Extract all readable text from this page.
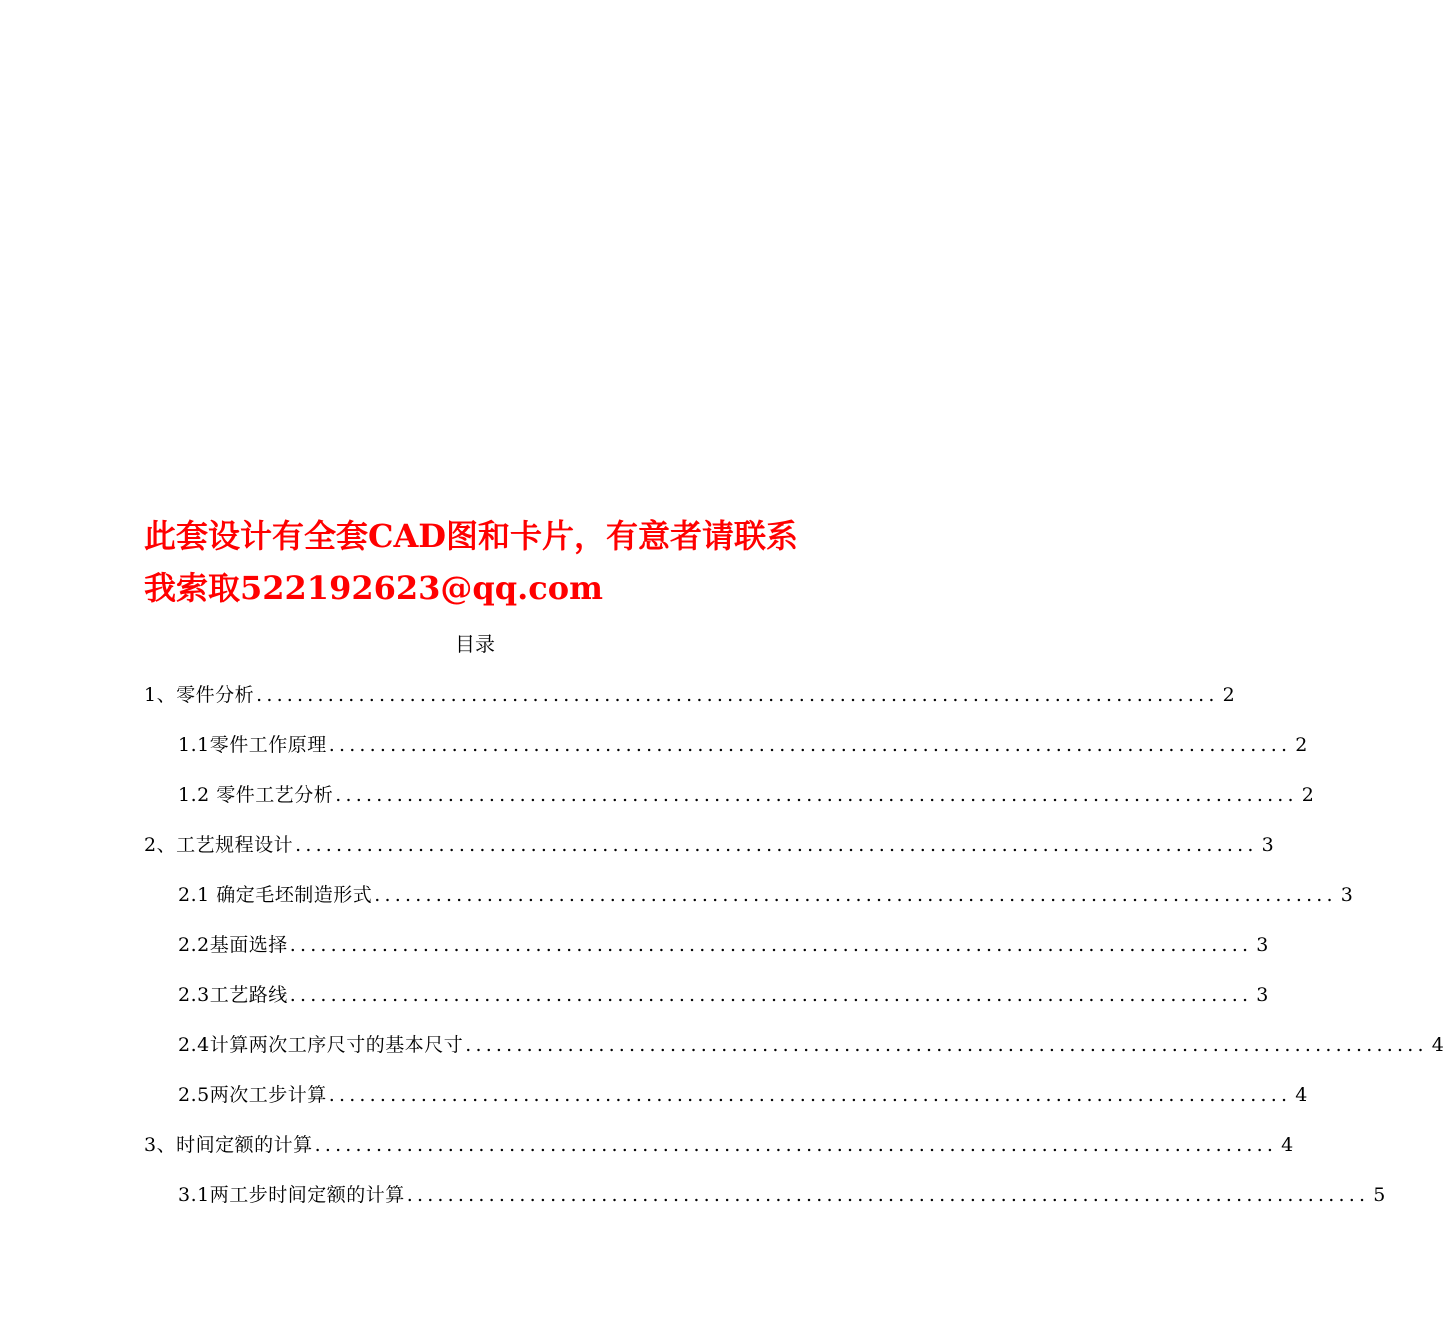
此套设计有全套CAD图和卡片，有意者请联系
我索取522192623@qq.com
目录
1、零件分析 .............................................................................................. 2
1.1零件工作原理 .............................................................................................. 2
1.2 零件工艺分析 .............................................................................................. 2
2、工艺规程设计 .............................................................................................. 3
2.1 确定毛坯制造形式 .............................................................................................. 3
2.2基面选择 .............................................................................................. 3
2.3工艺路线 .............................................................................................. 3
2.4计算两次工序尺寸的基本尺寸 .............................................................................................. 4
2.5两次工步计算 .............................................................................................. 4
3、时间定额的计算 .............................................................................................. 4
3.1两工步时间定额的计算 .............................................................................................. 5
